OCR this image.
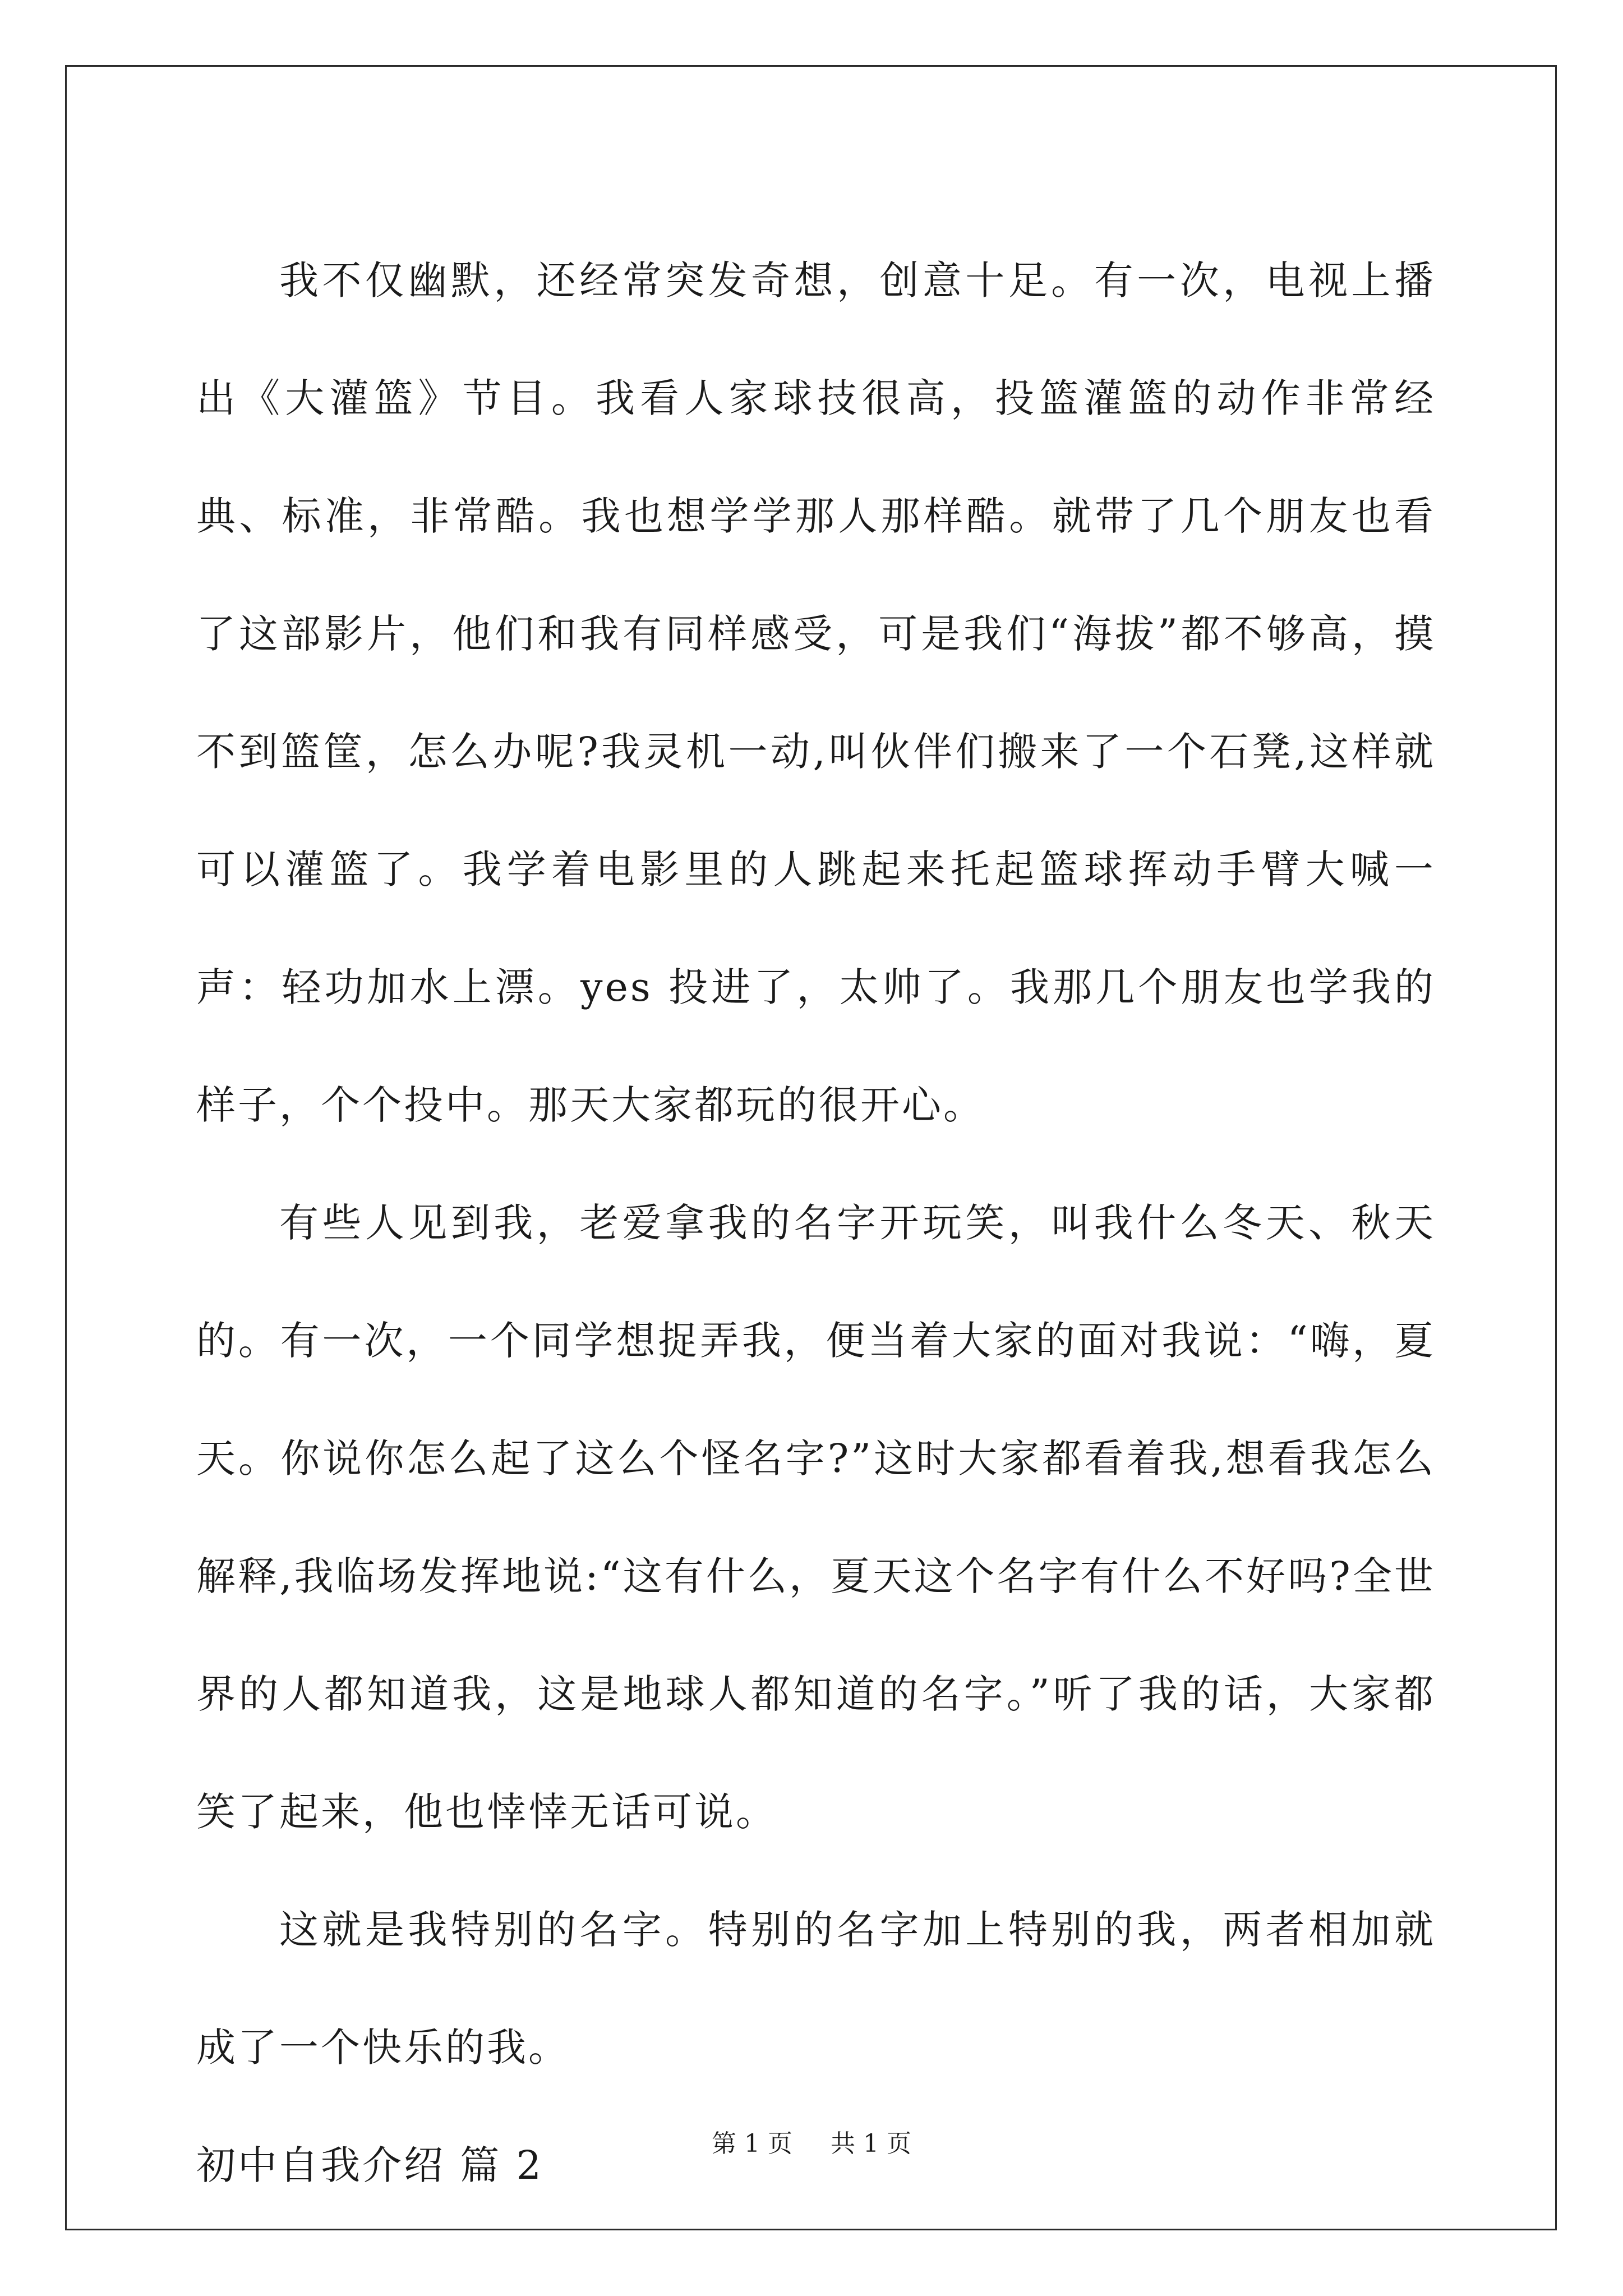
我不仅幽默，还经常突发奇想，创意十足。有一次，电视上播出《大灌篮》节目。我看人家球技很高，投篮灌篮的动作非常经典、标准，非常酷。我也想学学那人那样酷。就带了几个朋友也看了这部影片，他们和我有同样感受，可是我们“海拔”都不够高，摸不到篮筐，怎么办呢?我灵机一动,叫伙伴们搬来了一个石凳,这样就可以灌篮了。我学着电影里的人跳起来托起篮球挥动手臂大喊一声：轻功加水上漂。yes 投进了，太帅了。我那几个朋友也学我的样子，个个投中。那天大家都玩的很开心。

有些人见到我，老爱拿我的名字开玩笑，叫我什么冬天、秋天的。有一次，一个同学想捉弄我，便当着大家的面对我说：“嗨，夏天。你说你怎么起了这么个怪名字?”这时大家都看着我,想看我怎么解释,我临场发挥地说:“这有什么，夏天这个名字有什么不好吗?全世界的人都知道我，这是地球人都知道的名字。”听了我的话，大家都笑了起来，他也悻悻无话可说。

这就是我特别的名字。特别的名字加上特别的我，两者相加就成了一个快乐的我。

初中自我介绍 篇 2	第 1 页 共 1 页
